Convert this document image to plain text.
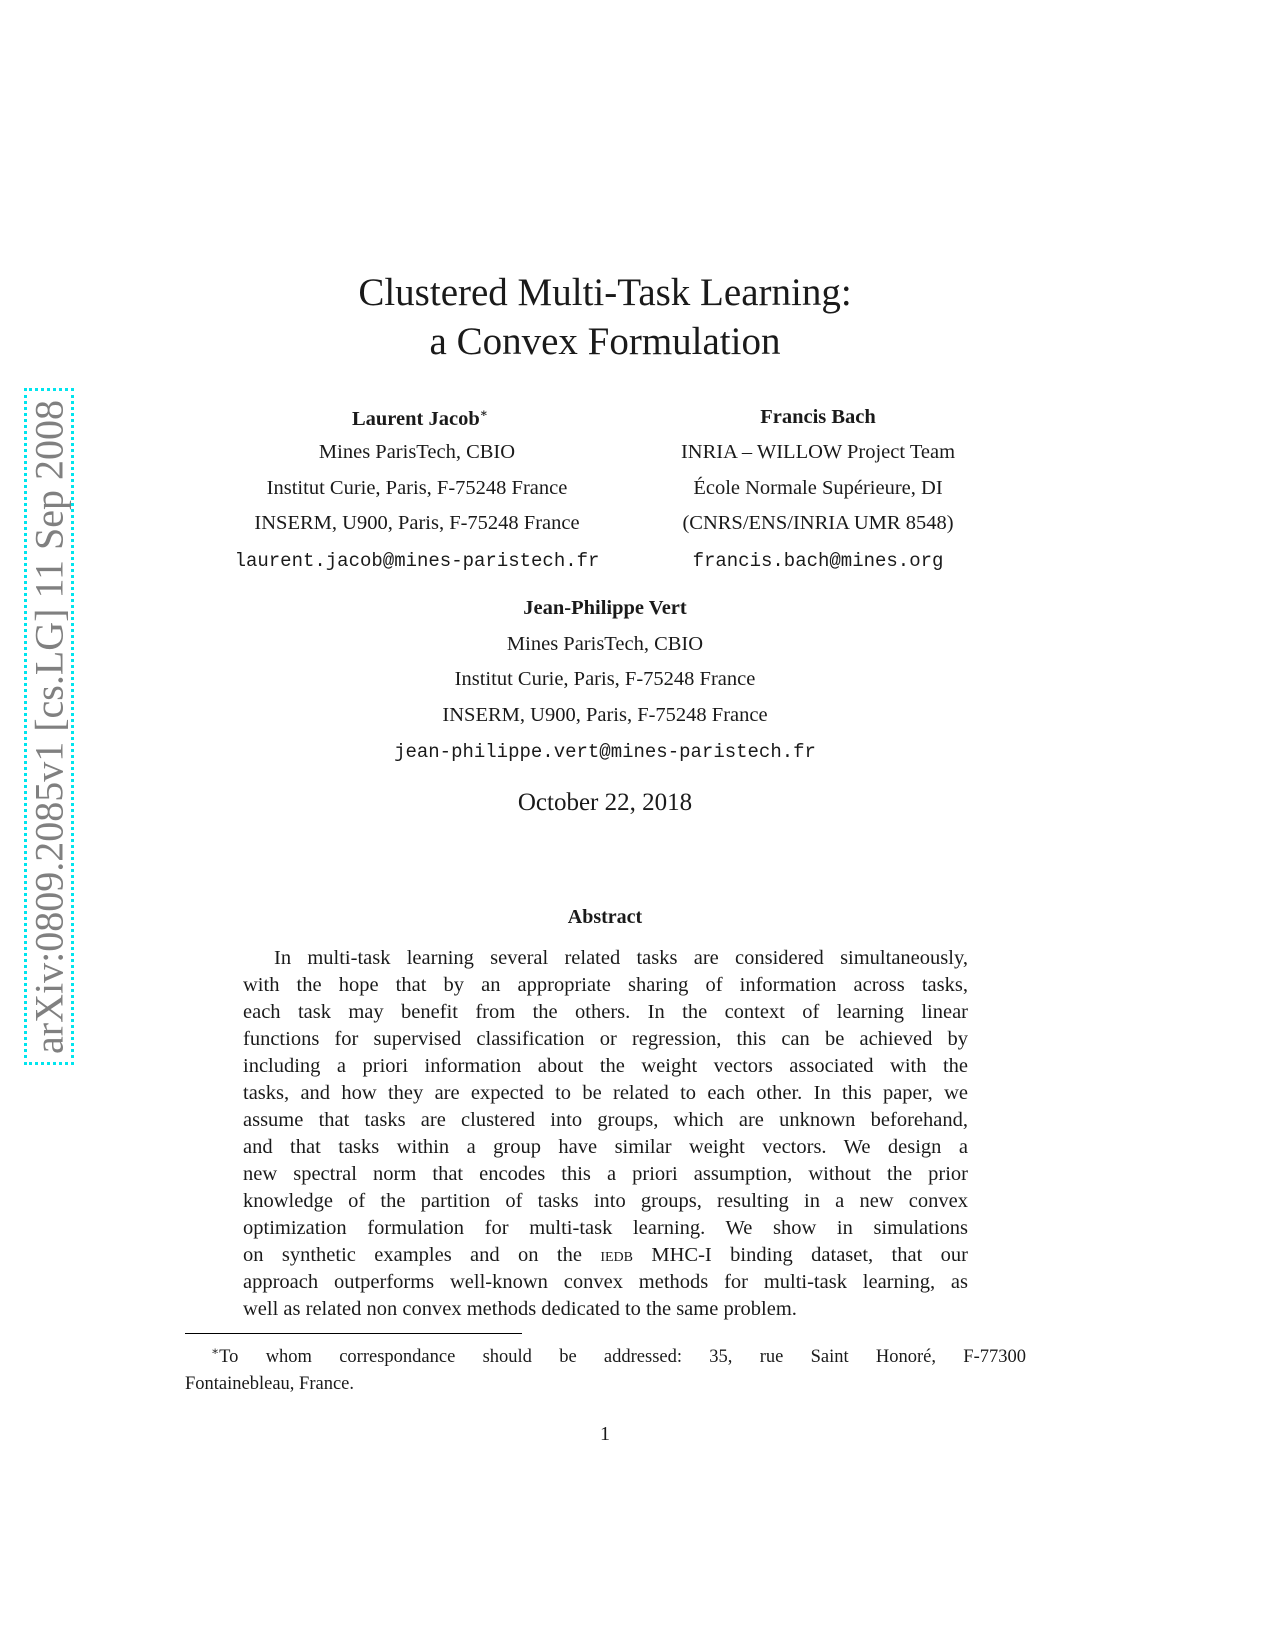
arXiv:0809.2085v1 [cs.LG] 11 Sep 2008
Clustered Multi-Task Learning:
a Convex Formulation
Laurent Jacob∗
Mines ParisTech, CBIO
Institut Curie, Paris, F-75248 France
INSERM, U900, Paris, F-75248 France
laurent.jacob@mines-paristech.fr
Francis Bach
INRIA – WILLOW Project Team
École Normale Supérieure, DI
(CNRS/ENS/INRIA UMR 8548)
francis.bach@mines.org
Jean-Philippe Vert
Mines ParisTech, CBIO
Institut Curie, Paris, F-75248 France
INSERM, U900, Paris, F-75248 France
jean-philippe.vert@mines-paristech.fr
October 22, 2018
Abstract
In multi-task learning several related tasks are considered simultaneously,
with the hope that by an appropriate sharing of information across tasks,
each task may benefit from the others. In the context of learning linear
functions for supervised classification or regression, this can be achieved by
including a priori information about the weight vectors associated with the
tasks, and how they are expected to be related to each other. In this paper, we
assume that tasks are clustered into groups, which are unknown beforehand,
and that tasks within a group have similar weight vectors. We design a
new spectral norm that encodes this a priori assumption, without the prior
knowledge of the partition of tasks into groups, resulting in a new convex
optimization formulation for multi-task learning. We show in simulations
on synthetic examples and on the iedb MHC-I binding dataset, that our
approach outperforms well-known convex methods for multi-task learning, as
well as related non convex methods dedicated to the same problem.
∗To whom correspondance should be addressed: 35, rue Saint Honoré, F-77300
Fontainebleau, France.
1
